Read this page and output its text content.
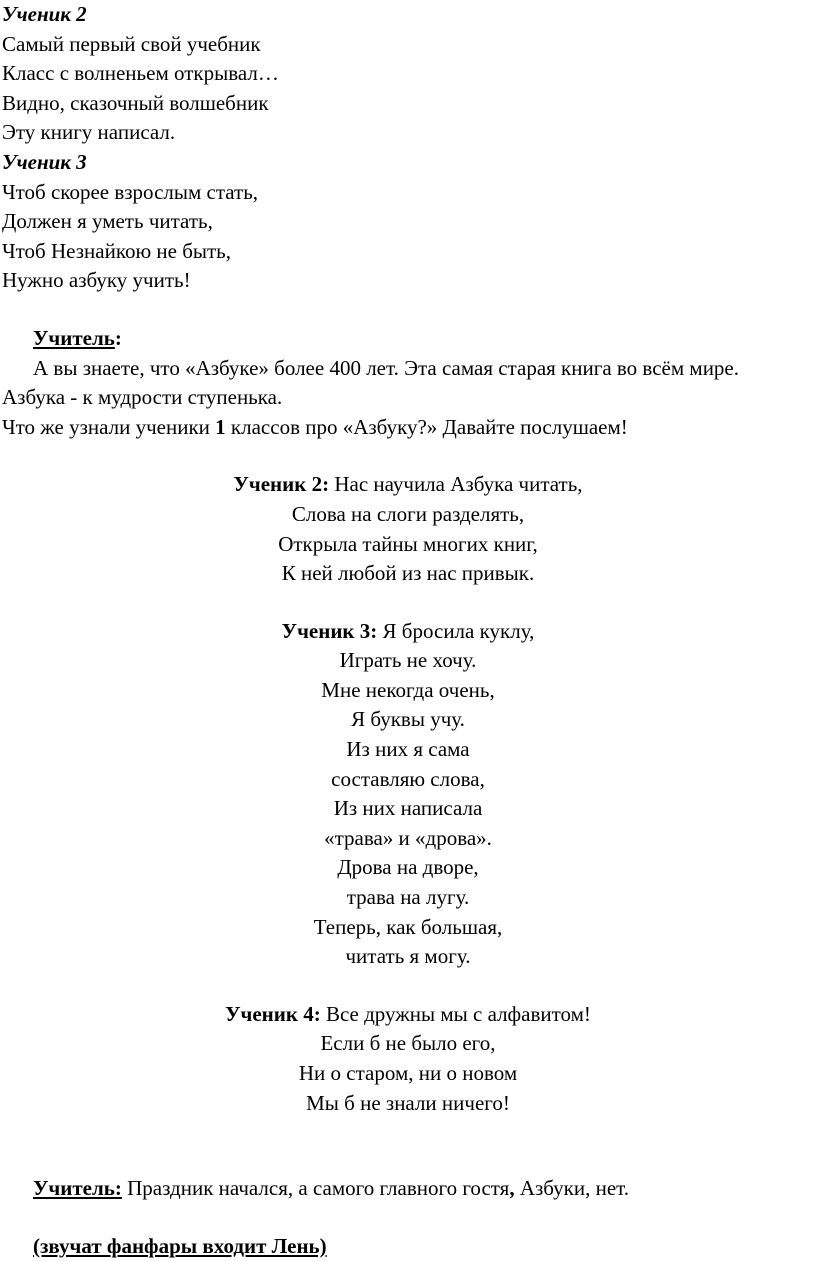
Ученик 2
Самый первый свой учебник
Класс с волненьем открывал…
Видно, сказочный волшебник
Эту книгу написал.
Ученик 3
Чтоб скорее взрослым стать,
Должен я уметь читать,
Чтоб Незнайкою не быть,
Нужно азбуку учить!
Учитель:
А вы знаете, что «Азбуке» более 400 лет. Эта самая старая книга во всём мире.
Азбука - к мудрости ступенька.
Что же узнали ученики 1 классов про «Азбуку?» Давайте послушаем!
Ученик 2: Нас научила Азбука читать,
Слова на слоги разделять,
Открыла тайны многих книг,
К ней любой из нас привык.
Ученик 3: Я бросила куклу,
Играть не хочу.
Мне некогда очень,
Я буквы учу.
Из них я сама
составляю слова,
Из них написала
«трава» и «дрова».
Дрова на дворе,
трава на лугу.
Теперь, как большая,
читать я могу.
Ученик 4: Все дружны мы с алфавитом!
Если б не было его,
Ни о старом, ни о новом
Мы б не знали ничего!
Учитель: Праздник начался, а самого главного гостя, Азбуки, нет.
(звучат фанфары входит Лень)
